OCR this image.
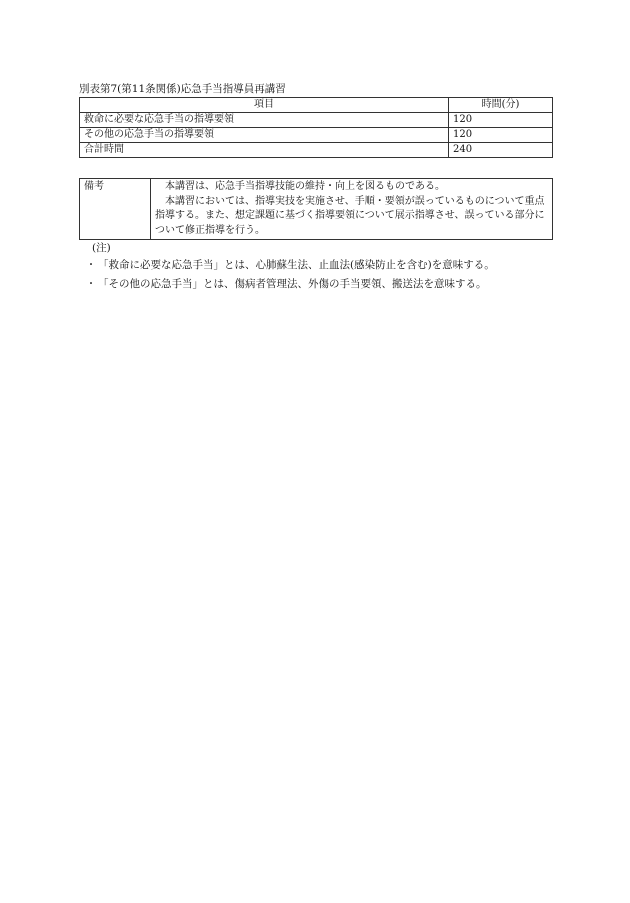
別表第7(第11条関係)応急手当指導員再講習
項目	時間(分)
救命に必要な応急手当の指導要領	120
その他の応急手当の指導要領	120
合計時間	240
備考	本講習は、応急手当指導技能の維持・向上を図るものである。
本講習においては、指導実技を実施させ、手順・要領が誤っているものについて重点指導する。また、想定課題に基づく指導要領について展示指導させ、誤っている部分について修正指導を行う。
(注)
・ 「救命に必要な応急手当」とは、心肺蘇生法、止血法(感染防止を含む)を意味する。
・ 「その他の応急手当」とは、傷病者管理法、外傷の手当要領、搬送法を意味する。
